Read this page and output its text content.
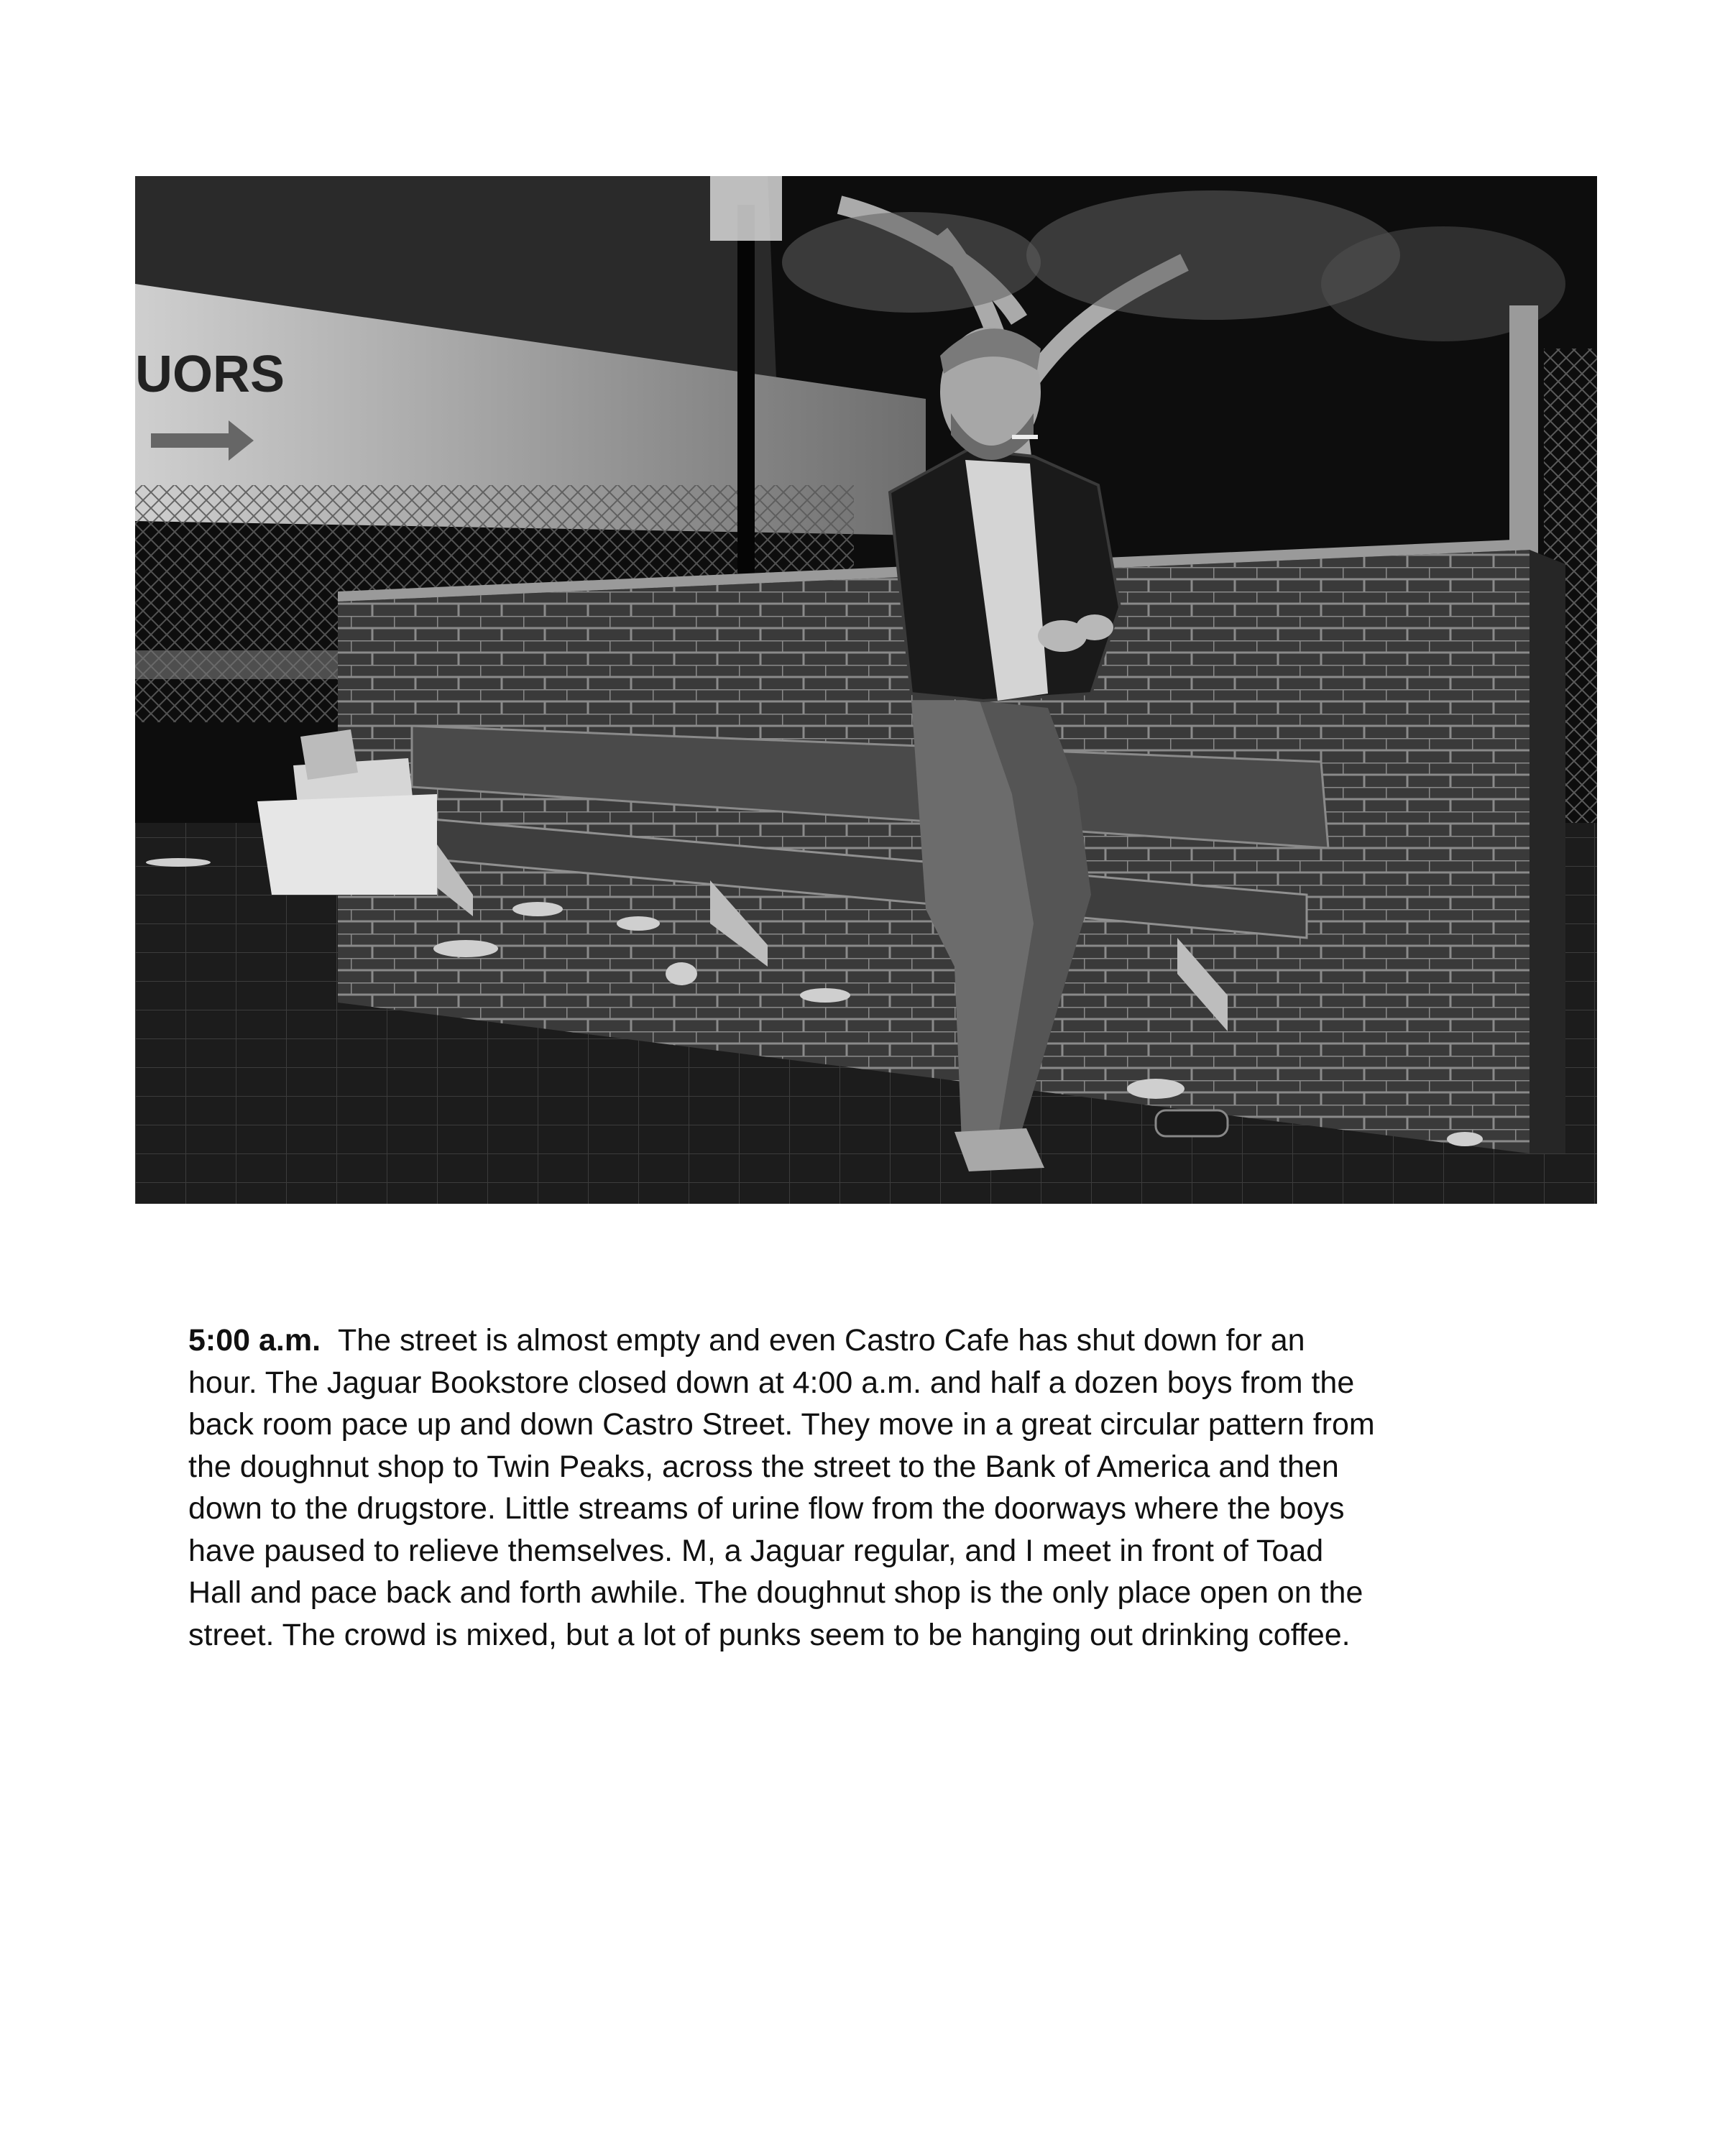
UORS
5:00 a.m. The street is almost empty and even Castro Cafe has shut down for an
hour. The Jaguar Bookstore closed down at 4:00 a.m. and half a dozen boys from the
back room pace up and down Castro Street. They move in a great circular pattern from
the doughnut shop to Twin Peaks, across the street to the Bank of America and then
down to the drugstore. Little streams of urine flow from the doorways where the boys
have paused to relieve themselves. M, a Jaguar regular, and I meet in front of Toad
Hall and pace back and forth awhile. The doughnut shop is the only place open on the
street. The crowd is mixed, but a lot of punks seem to be hanging out drinking coffee.
